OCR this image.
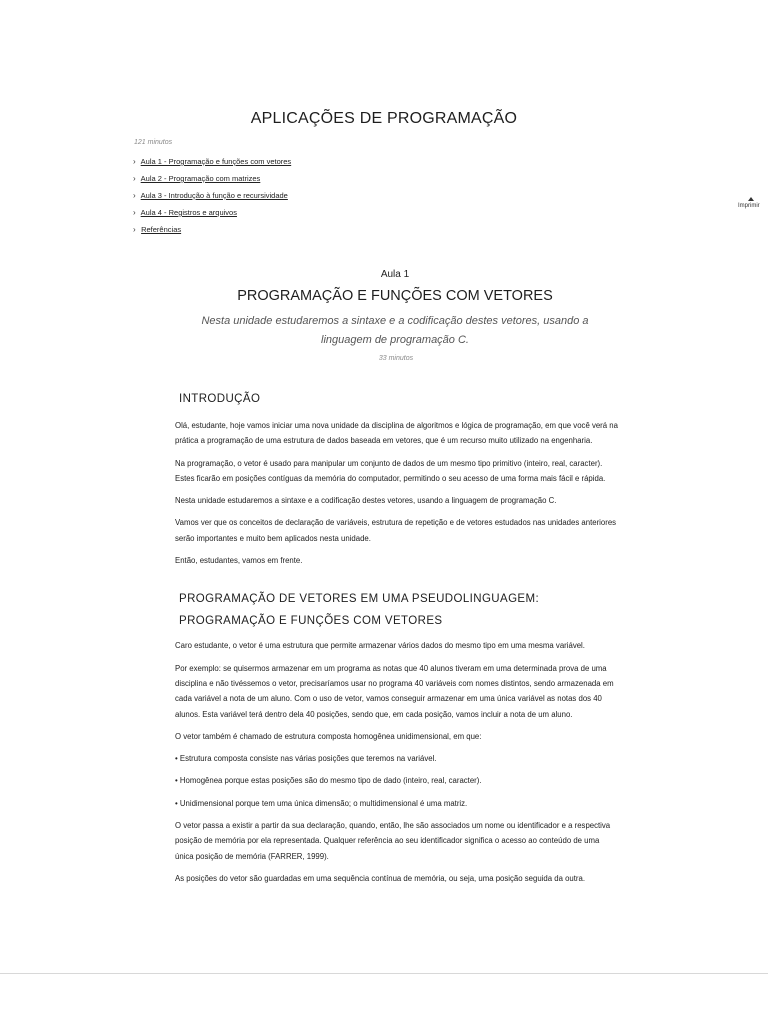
APLICAÇÕES DE PROGRAMAÇÃO
121 minutos
› Aula 1 - Programação e funções com vetores
› Aula 2 - Programação com matrizes
› Aula 3 - Introdução à função e recursividade
› Aula 4 - Registros e arquivos
› Referências
Imprimir
Aula 1
PROGRAMAÇÃO E FUNÇÕES COM VETORES
Nesta unidade estudaremos a sintaxe e a codificação destes vetores, usando a linguagem de programação C.
33 minutos
INTRODUÇÃO

Olá, estudante, hoje vamos iniciar uma nova unidade da disciplina de algoritmos e lógica de programação, em que você verá na prática a programação de uma estrutura de dados baseada em vetores, que é um recurso muito utilizado na engenharia.

Na programação, o vetor é usado para manipular um conjunto de dados de um mesmo tipo primitivo (inteiro, real, caracter). Estes ficarão em posições contíguas da memória do computador, permitindo o seu acesso de uma forma mais fácil e rápida.

Nesta unidade estudaremos a sintaxe e a codificação destes vetores, usando a linguagem de programação C.

Vamos ver que os conceitos de declaração de variáveis, estrutura de repetição e de vetores estudados nas unidades anteriores serão importantes e muito bem aplicados nesta unidade.

Então, estudantes, vamos em frente.

PROGRAMAÇÃO DE VETORES EM UMA PSEUDOLINGUAGEM: PROGRAMAÇÃO E FUNÇÕES COM VETORES

Caro estudante, o vetor é uma estrutura que permite armazenar vários dados do mesmo tipo em uma mesma variável.

Por exemplo: se quisermos armazenar em um programa as notas que 40 alunos tiveram em uma determinada prova de uma disciplina e não tivéssemos o vetor, precisaríamos usar no programa 40 variáveis com nomes distintos, sendo armazenada em cada variável a nota de um aluno. Com o uso de vetor, vamos conseguir armazenar em uma única variável as notas dos 40 alunos. Esta variável terá dentro dela 40 posições, sendo que, em cada posição, vamos incluir a nota de um aluno.

O vetor também é chamado de estrutura composta homogênea unidimensional, em que:

• Estrutura composta consiste nas várias posições que teremos na variável.

• Homogênea porque estas posições são do mesmo tipo de dado (inteiro, real, caracter).

• Unidimensional porque tem uma única dimensão; o multidimensional é uma matriz.

O vetor passa a existir a partir da sua declaração, quando, então, lhe são associados um nome ou identificador e a respectiva posição de memória por ela representada. Qualquer referência ao seu identificador significa o acesso ao conteúdo de uma única posição de memória (FARRER, 1999).

As posições do vetor são guardadas em uma sequência contínua de memória, ou seja, uma posição seguida da outra.
